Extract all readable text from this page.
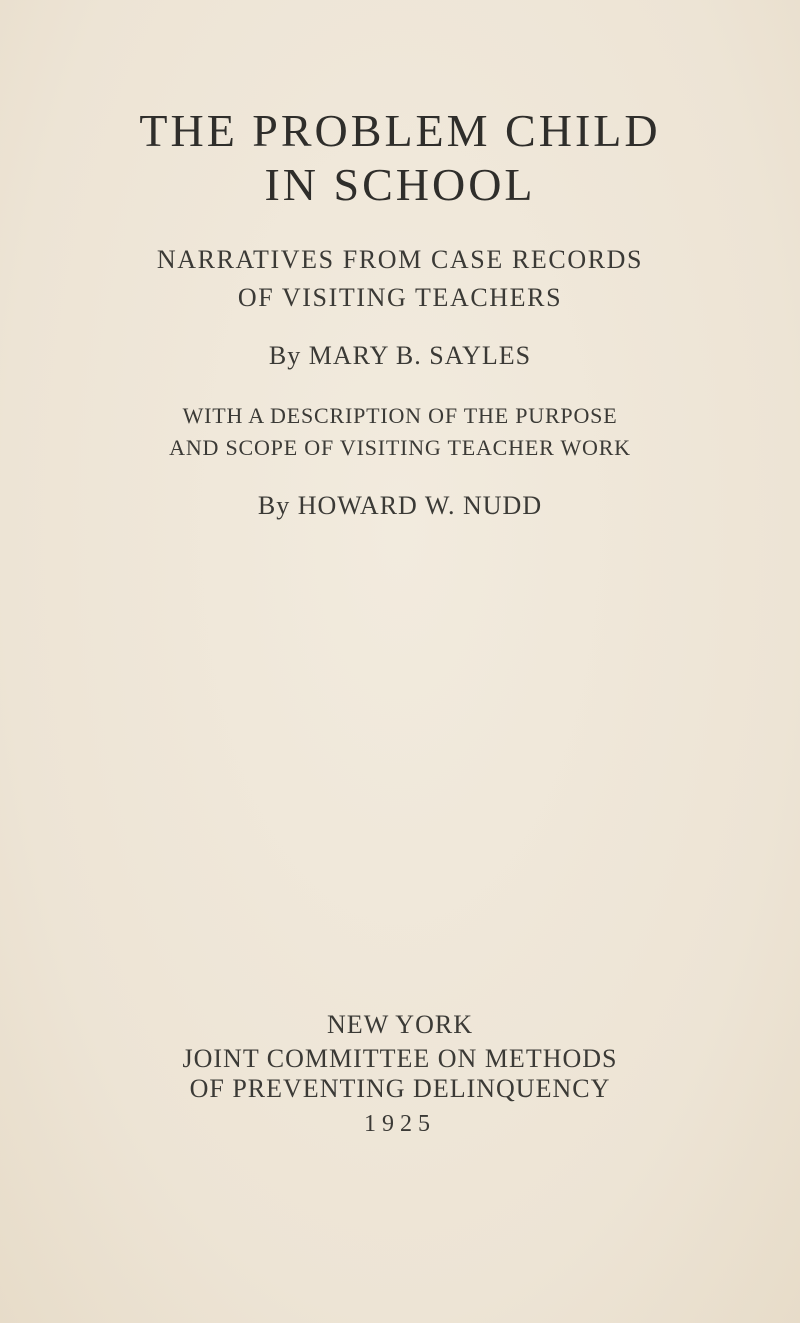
THE PROBLEM CHILD
IN SCHOOL
NARRATIVES FROM CASE RECORDS
OF VISITING TEACHERS
By MARY B. SAYLES
WITH A DESCRIPTION OF THE PURPOSE
AND SCOPE OF VISITING TEACHER WORK
By HOWARD W. NUDD
NEW YORK
JOINT COMMITTEE ON METHODS
OF PREVENTING DELINQUENCY
1925
